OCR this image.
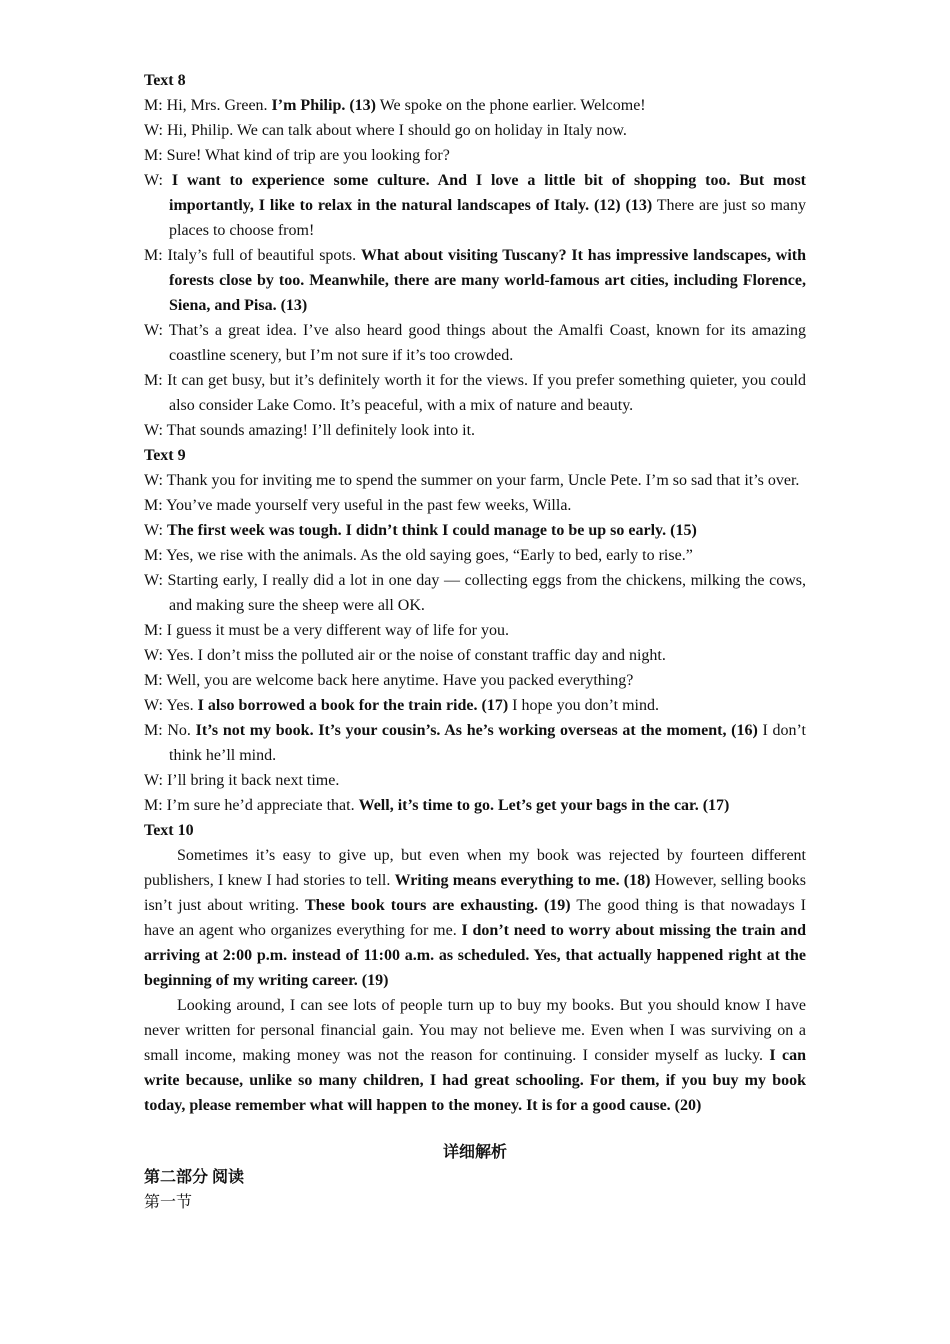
Text 8

M: Hi, Mrs. Green. I’m Philip. (13) We spoke on the phone earlier. Welcome!

W: Hi, Philip. We can talk about where I should go on holiday in Italy now.

M: Sure! What kind of trip are you looking for?

W: I want to experience some culture. And I love a little bit of shopping too. But most importantly, I like to relax in the natural landscapes of Italy. (12) (13) There are just so many places to choose from!

M: Italy’s full of beautiful spots. What about visiting Tuscany? It has impressive landscapes, with forests close by too. Meanwhile, there are many world-famous art cities, including Florence, Siena, and Pisa. (13)

W: That’s a great idea. I’ve also heard good things about the Amalfi Coast, known for its amazing coastline scenery, but I’m not sure if it’s too crowded.

M: It can get busy, but it’s definitely worth it for the views. If you prefer something quieter, you could also consider Lake Como. It’s peaceful, with a mix of nature and beauty.

W: That sounds amazing! I’ll definitely look into it.

Text 9

W: Thank you for inviting me to spend the summer on your farm, Uncle Pete. I’m so sad that it’s over.

M: You’ve made yourself very useful in the past few weeks, Willa.

W: The first week was tough. I didn’t think I could manage to be up so early. (15)

M: Yes, we rise with the animals. As the old saying goes, “Early to bed, early to rise.”

W: Starting early, I really did a lot in one day — collecting eggs from the chickens, milking the cows, and making sure the sheep were all OK.

M: I guess it must be a very different way of life for you.

W: Yes. I don’t miss the polluted air or the noise of constant traffic day and night.

M: Well, you are welcome back here anytime. Have you packed everything?

W: Yes. I also borrowed a book for the train ride. (17) I hope you don’t mind.

M: No. It’s not my book. It’s your cousin’s. As he’s working overseas at the moment, (16) I don’t think he’ll mind.

W: I’ll bring it back next time.

M: I’m sure he’d appreciate that. Well, it’s time to go. Let’s get your bags in the car. (17)

Text 10

Sometimes it’s easy to give up, but even when my book was rejected by fourteen different publishers, I knew I had stories to tell. Writing means everything to me. (18) However, selling books isn’t just about writing. These book tours are exhausting. (19) The good thing is that nowadays I have an agent who organizes everything for me. I don’t need to worry about missing the train and arriving at 2:00 p.m. instead of 11:00 a.m. as scheduled. Yes, that actually happened right at the beginning of my writing career. (19)

Looking around, I can see lots of people turn up to buy my books. But you should know I have never written for personal financial gain. You may not believe me. Even when I was surviving on a small income, making money was not the reason for continuing. I consider myself as lucky. I can write because, unlike so many children, I had great schooling. For them, if you buy my book today, please remember what will happen to the money. It is for a good cause. (20)

详细解析

第二部分 阅读

第一节
